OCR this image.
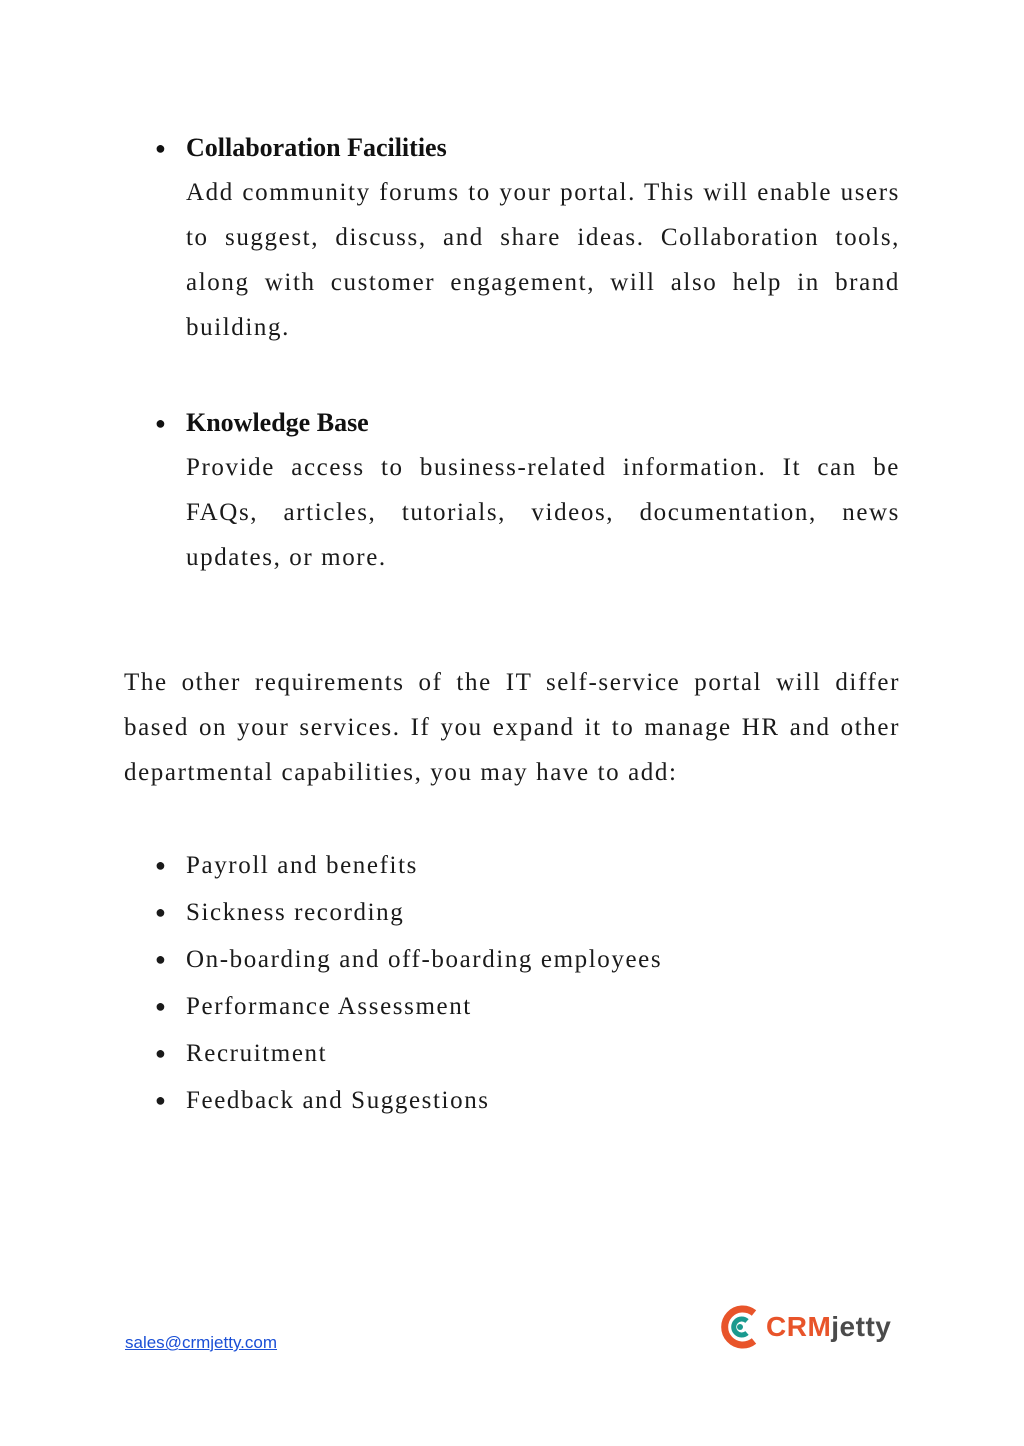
● Collaboration Facilities
Add community forums to your portal. This will enable users to suggest, discuss, and share ideas. Collaboration tools, along with customer engagement, will also help in brand building.
● Knowledge Base
Provide access to business-related information. It can be FAQs, articles, tutorials, videos, documentation, news updates, or more.

The other requirements of the IT self-service portal will differ based on your services. If you expand it to manage HR and other departmental capabilities, you may have to add:

● Payroll and benefits
● Sickness recording
● On-boarding and off-boarding employees
● Performance Assessment
● Recruitment
● Feedback and Suggestions
sales@crmjetty.com
CRMjetty
